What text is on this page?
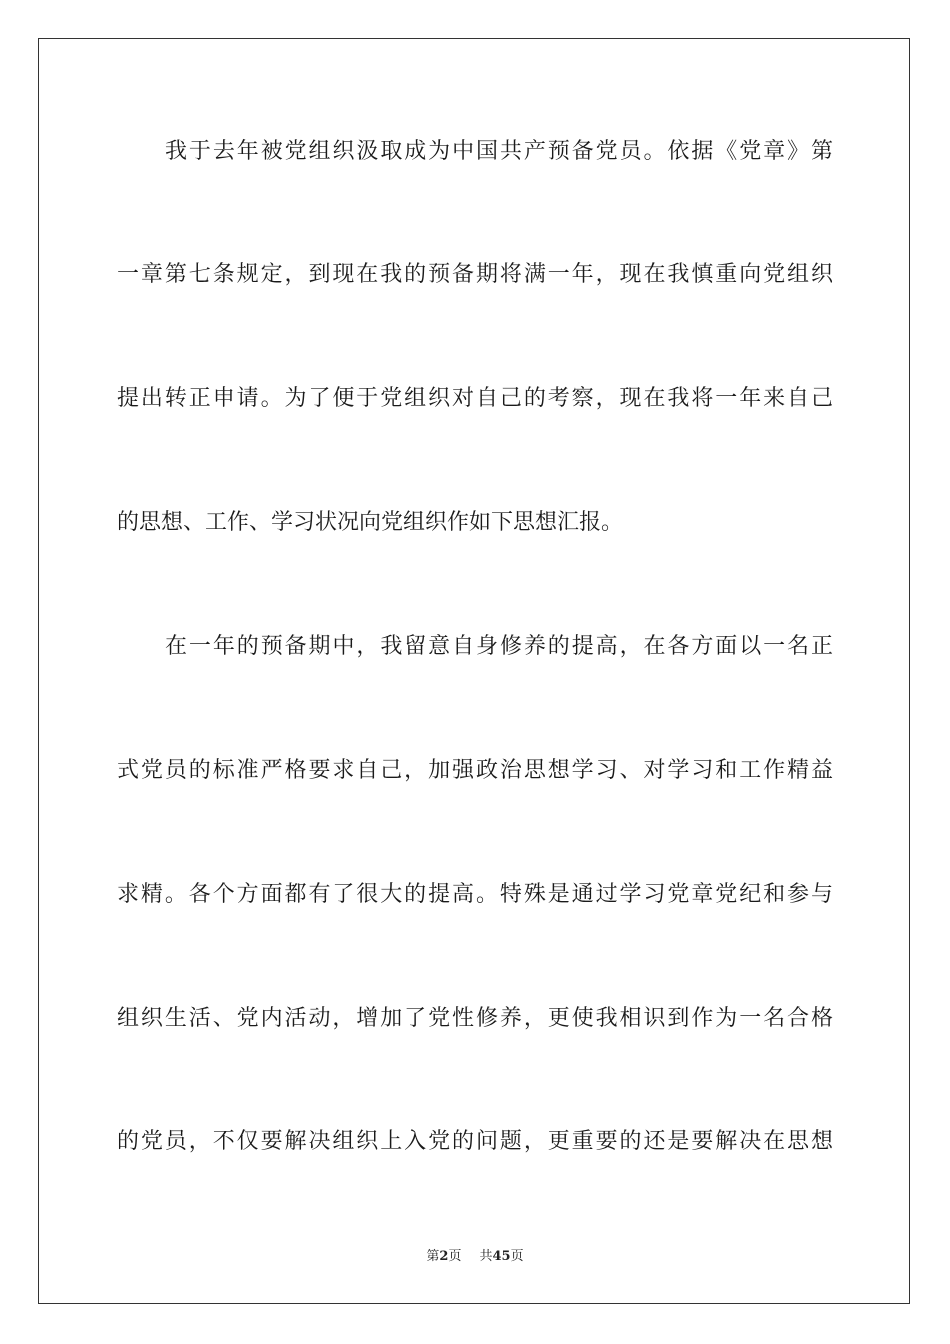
我于去年被党组织汲取成为中国共产预备党员。依据《党章》第
一章第七条规定，到现在我的预备期将满一年，现在我慎重向党组织
提出转正申请。为了便于党组织对自己的考察，现在我将一年来自己
的思想、工作、学习状况向党组织作如下思想汇报。
在一年的预备期中，我留意自身修养的提高，在各方面以一名正
式党员的标准严格要求自己，加强政治思想学习、对学习和工作精益
求精。各个方面都有了很大的提高。特殊是通过学习党章党纪和参与
组织生活、党内活动，增加了党性修养，更使我相识到作为一名合格
的党员，不仅要解决组织上入党的问题，更重要的还是要解决在思想
第2页 共45页
